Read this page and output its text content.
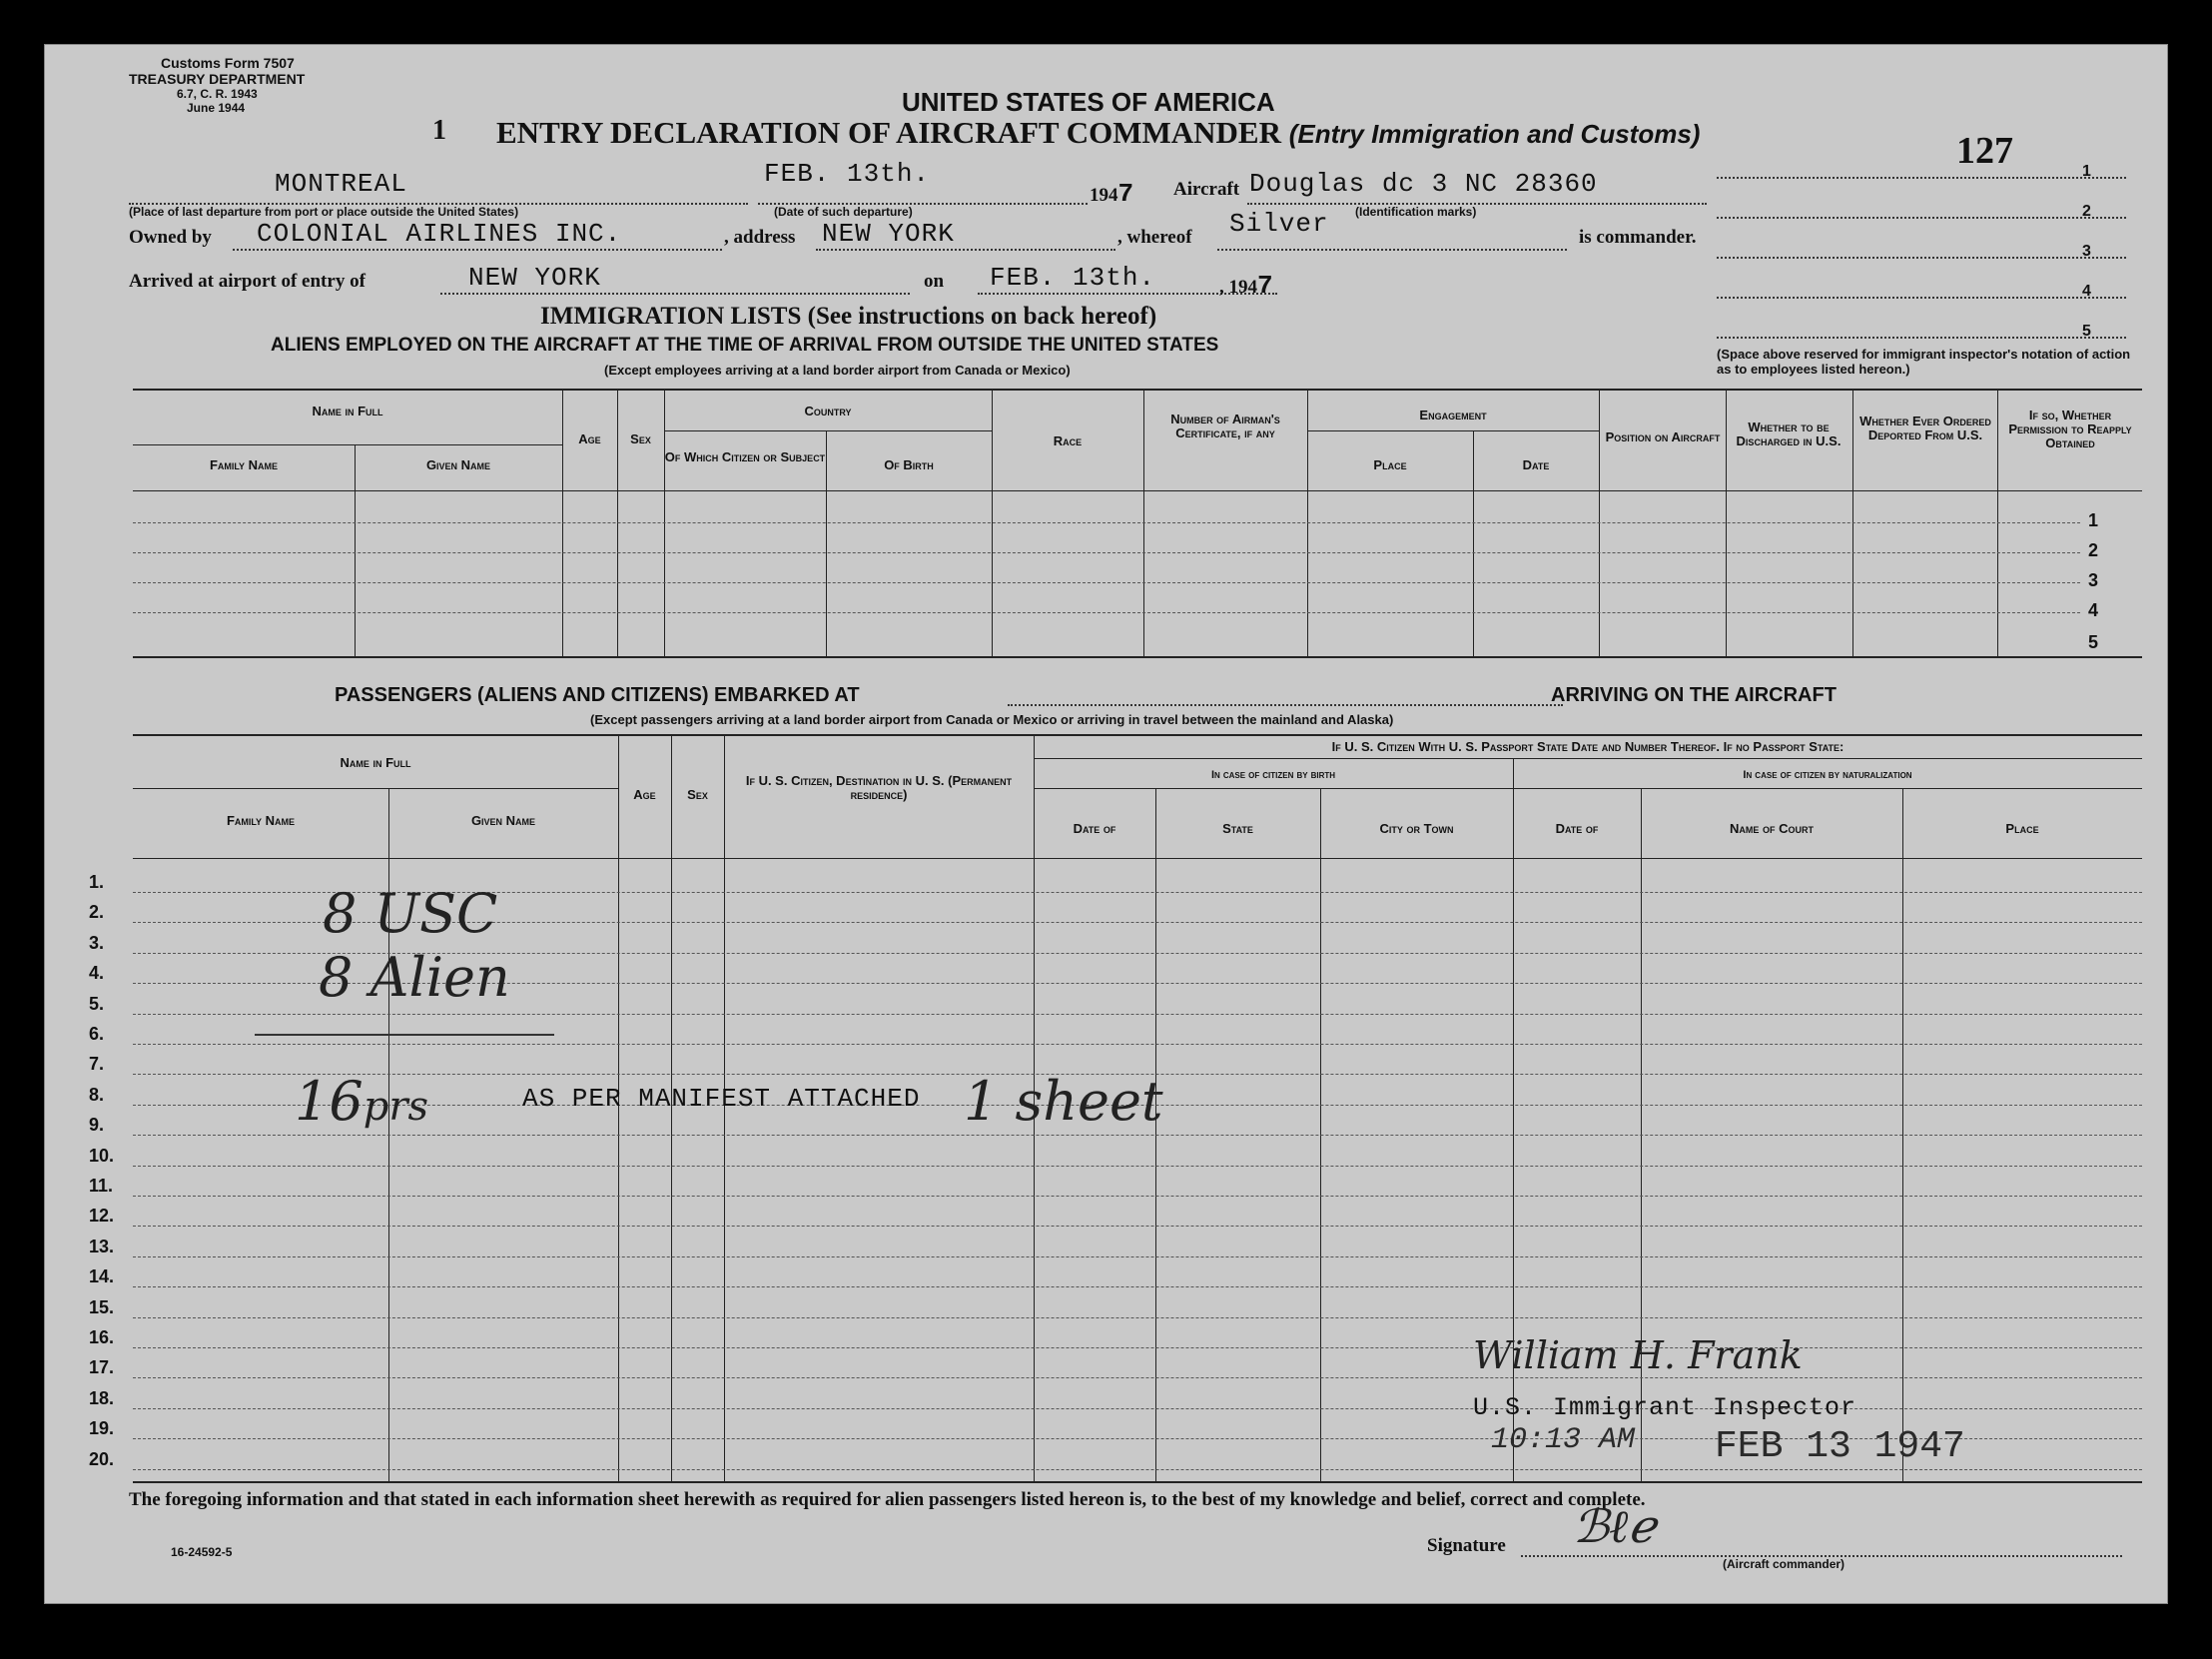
Customs Form 7507
TREASURY DEPARTMENT
6.7, C. R. 1943
June 1944
1
UNITED STATES OF AMERICA
ENTRY DECLARATION OF AIRCRAFT COMMANDER (Entry Immigration and Customs)	127	1
2
3
4
5
(Space above reserved for immigrant inspector's notation of action as to employees listed hereon.)
MONTREAL	FEB. 13th.
1947 Aircraft Douglas dc 3 NC 28360
(Place of last departure from port or place outside the United States)	(Date of such departure)	(Identification marks)
Owned by COLONIAL AIRLINES INC.	, address NEW YORK	, whereof Silver	is commander.
Arrived at airport of entry of	NEW YORK	on FEB. 13th.	, 1947
IMMIGRATION LISTS (See instructions on back hereof)
ALIENS EMPLOYED ON THE AIRCRAFT AT THE TIME OF ARRIVAL FROM OUTSIDE THE UNITED STATES
(Except employees arriving at a land border airport from Canada or Mexico)
Name in Full
Family Name	Given Name
Age	Sex
Country
Of Which Citizen or Subject
Of Birth
Race
Number of Airman's Certificate, if any
Engagement
Place	Date
Position on Aircraft
Whether to be Discharged in U.S.
Whether Ever Ordered Deported From U.S.
If so, Whether Permission to Reapply Obtained
1
2
3
4
5
PASSENGERS (ALIENS AND CITIZENS) EMBARKED AT	ARRIVING ON THE AIRCRAFT
(Except passengers arriving at a land border airport from Canada or Mexico or arriving in travel between the mainland and Alaska)
Name in Full
Family Name	Given Name
Age	Sex
If U. S. Citizen, Destination in U. S. (Permanent residence)
If U. S. Citizen With U. S. Passport State Date and Number Thereof. If no Passport State:
In case of citizen by birth	In case of citizen by naturalization
Date of	State	City or Town	Date of	Name of Court	Place
1.
2.
3.
4.
5.
6.
7.
8.
9.
10.
11.
12.
13.
14.
15.
16.
17.
18.
19.
20.
8 USC
8 Alien
16prs	AS PER MANIFEST ATTACHED 1 sheet
William H. Frank
U.S. Immigrant Inspector
10:13 AM FEB 13 1947
The foregoing information and that stated in each information sheet herewith as required for alien passengers listed hereon is, to the best of my knowledge and belief, correct and complete.
16-24592-5	Signature ℬℓℯ
(Aircraft commander)
